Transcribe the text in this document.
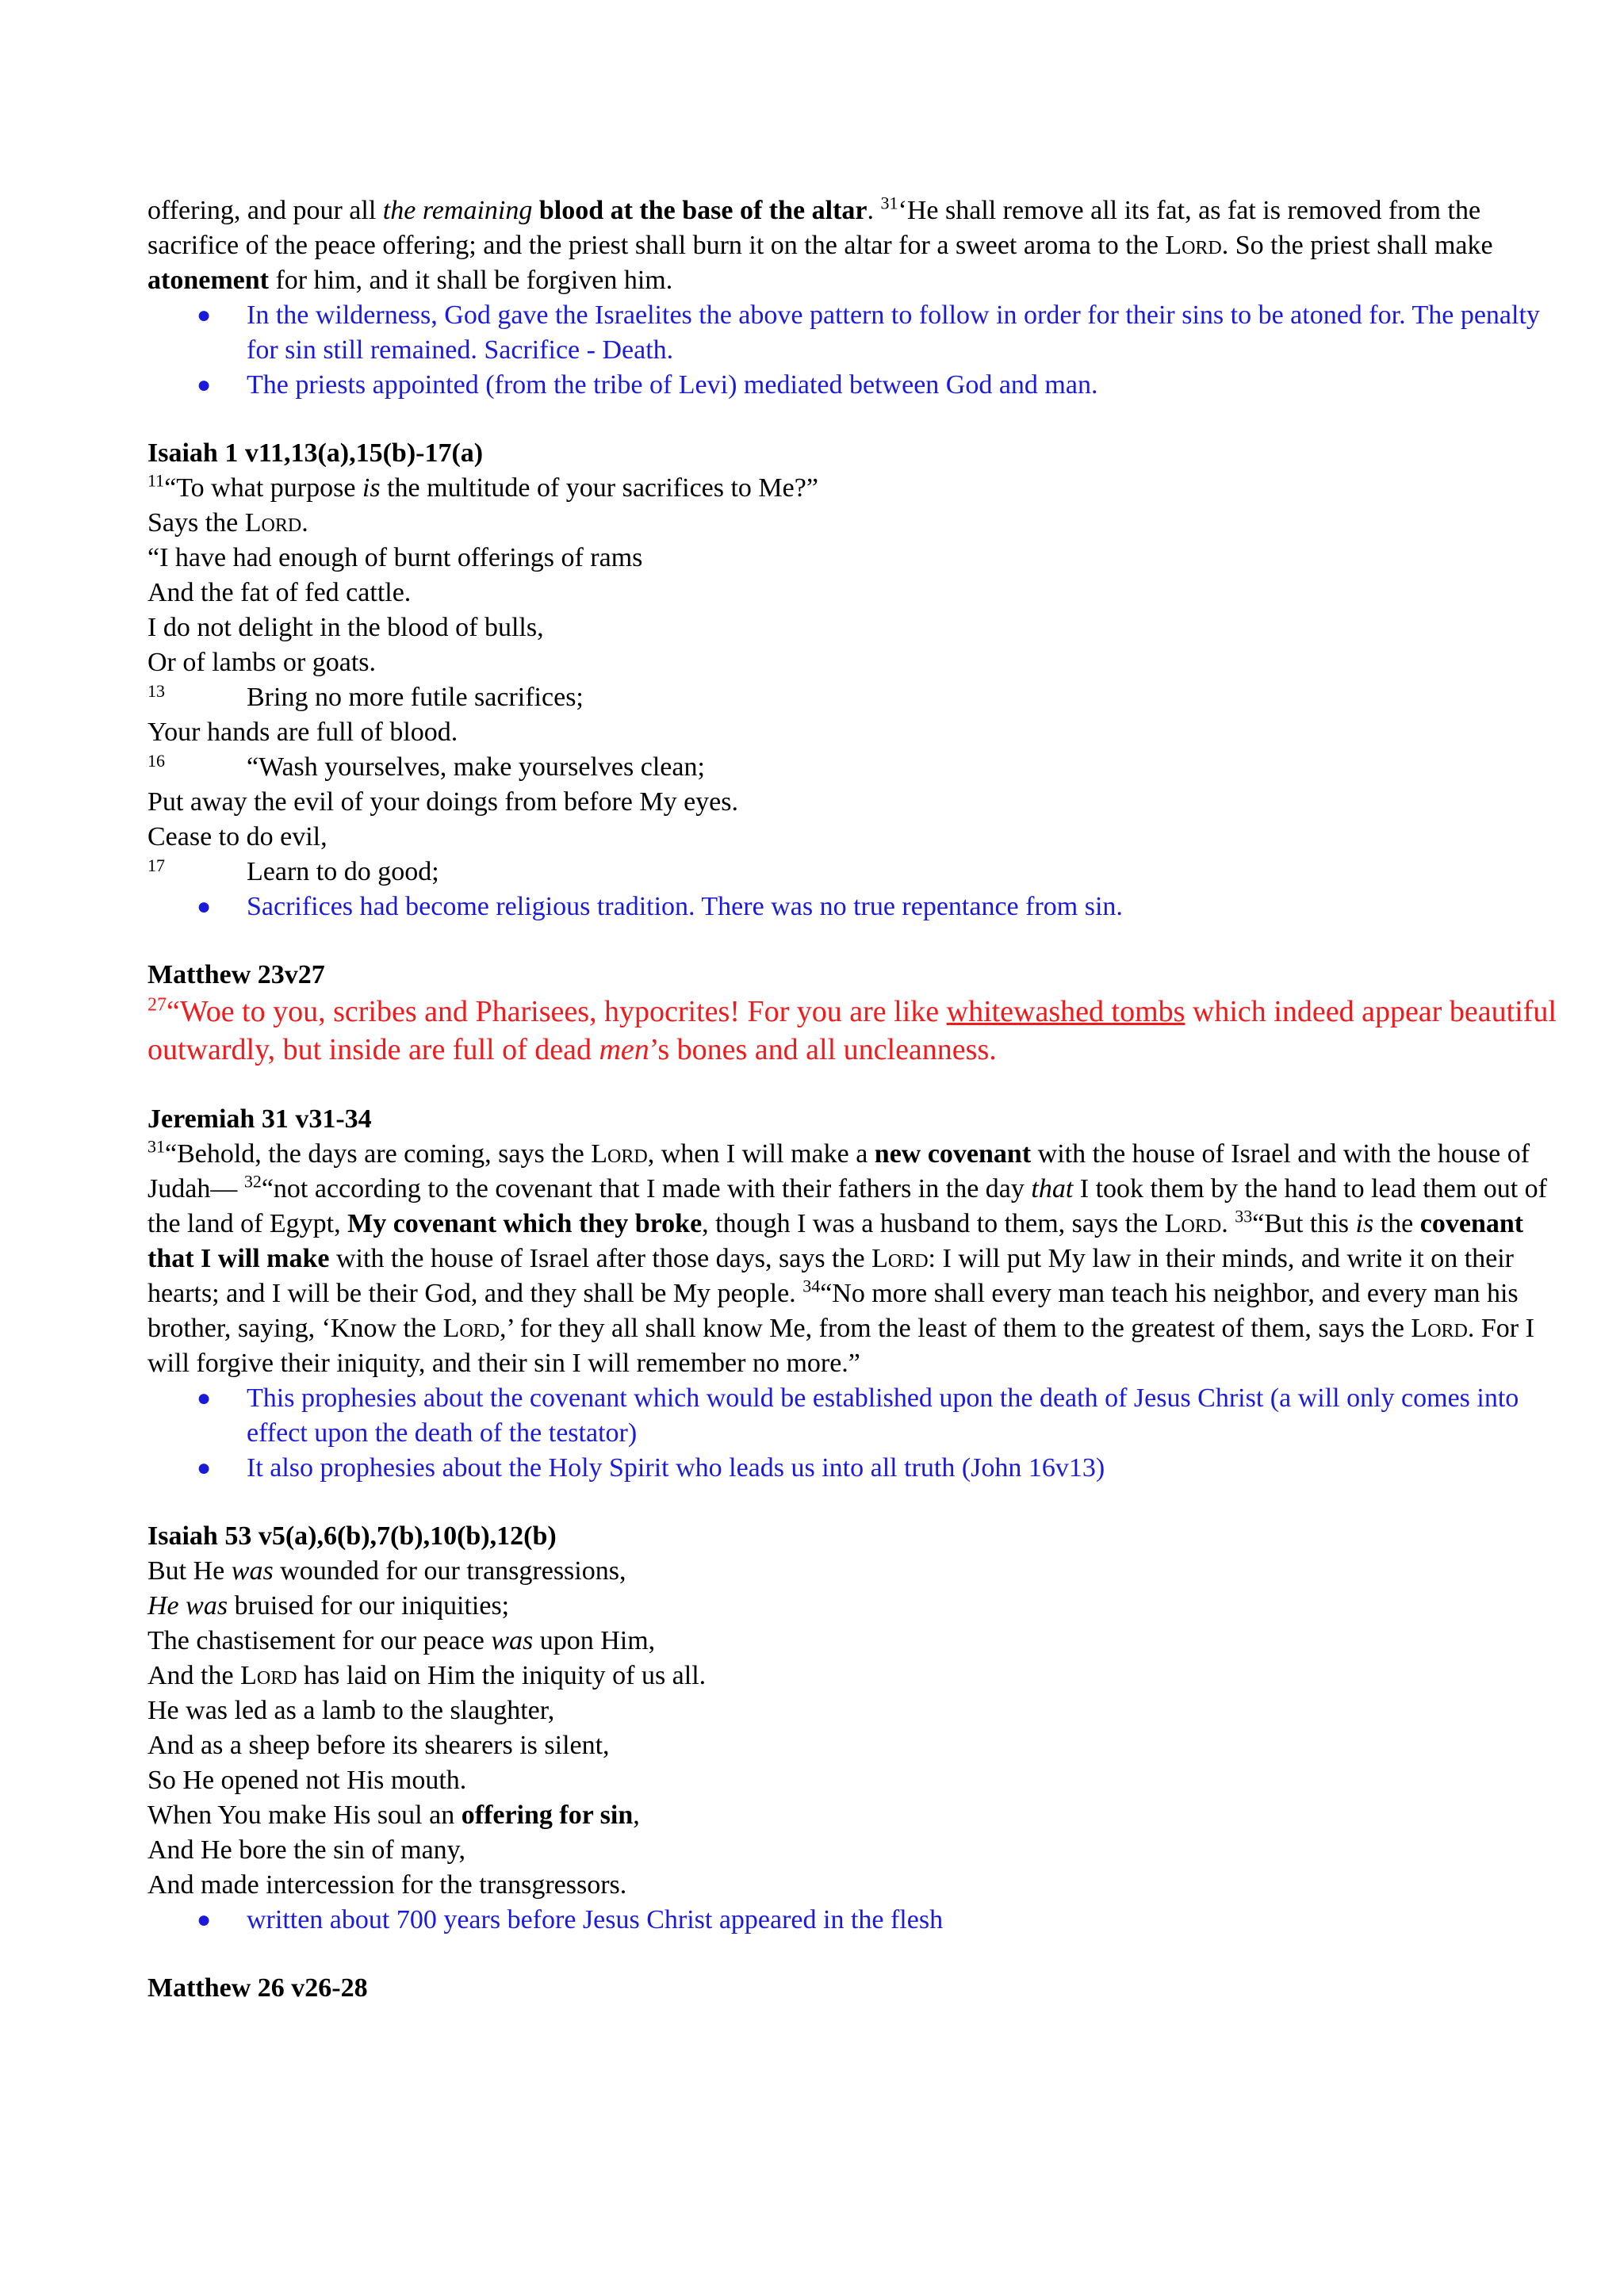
offering, and pour all the remaining blood at the base of the altar. $^{31}$‘He shall remove all its fat, as fat is removed from the sacrifice of the peace offering; and the priest shall burn it on the altar for a sweet aroma to the Lord. So the priest shall make atonement for him, and it shall be forgiven him.

● In the wilderness, God gave the Israelites the above pattern to follow in order for their sins to be atoned for. The penalty for sin still remained. Sacrifice - Death.
● The priests appointed (from the tribe of Levi) mediated between God and man.

Isaiah 1 v11,13(a),15(b)-17(a)

$^{11}$“To what purpose is the multitude of your sacrifices to Me?”
Says the Lord.
“I have had enough of burnt offerings of rams
And the fat of fed cattle.
I do not delight in the blood of bulls,
Or of lambs or goats.
13	Bring no more futile sacrifices;
Your hands are full of blood.
16	“Wash yourselves, make yourselves clean;
Put away the evil of your doings from before My eyes.
Cease to do evil,
17	Learn to do good;
● Sacrifices had become religious tradition. There was no true repentance from sin.

Matthew 23v27

$^{27}$“Woe to you, scribes and Pharisees, hypocrites! For you are like whitewashed tombs which indeed appear beautiful outwardly, but inside are full of dead men’s bones and all uncleanness.

Jeremiah 31 v31-34

$^{31}$“Behold, the days are coming, says the Lord, when I will make a new covenant with the house of Israel and with the house of Judah— $^{32}$“not according to the covenant that I made with their fathers in the day that I took them by the hand to lead them out of the land of Egypt, My covenant which they broke, though I was a husband to them, says the Lord. $^{33}$“But this is the covenant that I will make with the house of Israel after those days, says the Lord: I will put My law in their minds, and write it on their hearts; and I will be their God, and they shall be My people. $^{34}$“No more shall every man teach his neighbor, and every man his brother, saying, ‘Know the Lord,’ for they all shall know Me, from the least of them to the greatest of them, says the Lord. For I will forgive their iniquity, and their sin I will remember no more.”

● This prophesies about the covenant which would be established upon the death of Jesus Christ (a will only comes into effect upon the death of the testator)
● It also prophesies about the Holy Spirit who leads us into all truth (John 16v13)

Isaiah 53 v5(a),6(b),7(b),10(b),12(b)

But He was wounded for our transgressions,
He was bruised for our iniquities;
The chastisement for our peace was upon Him,
And the Lord has laid on Him the iniquity of us all.
He was led as a lamb to the slaughter,
And as a sheep before its shearers is silent,
So He opened not His mouth.
When You make His soul an offering for sin,
And He bore the sin of many,
And made intercession for the transgressors.
● written about 700 years before Jesus Christ appeared in the flesh

Matthew 26 v26-28
